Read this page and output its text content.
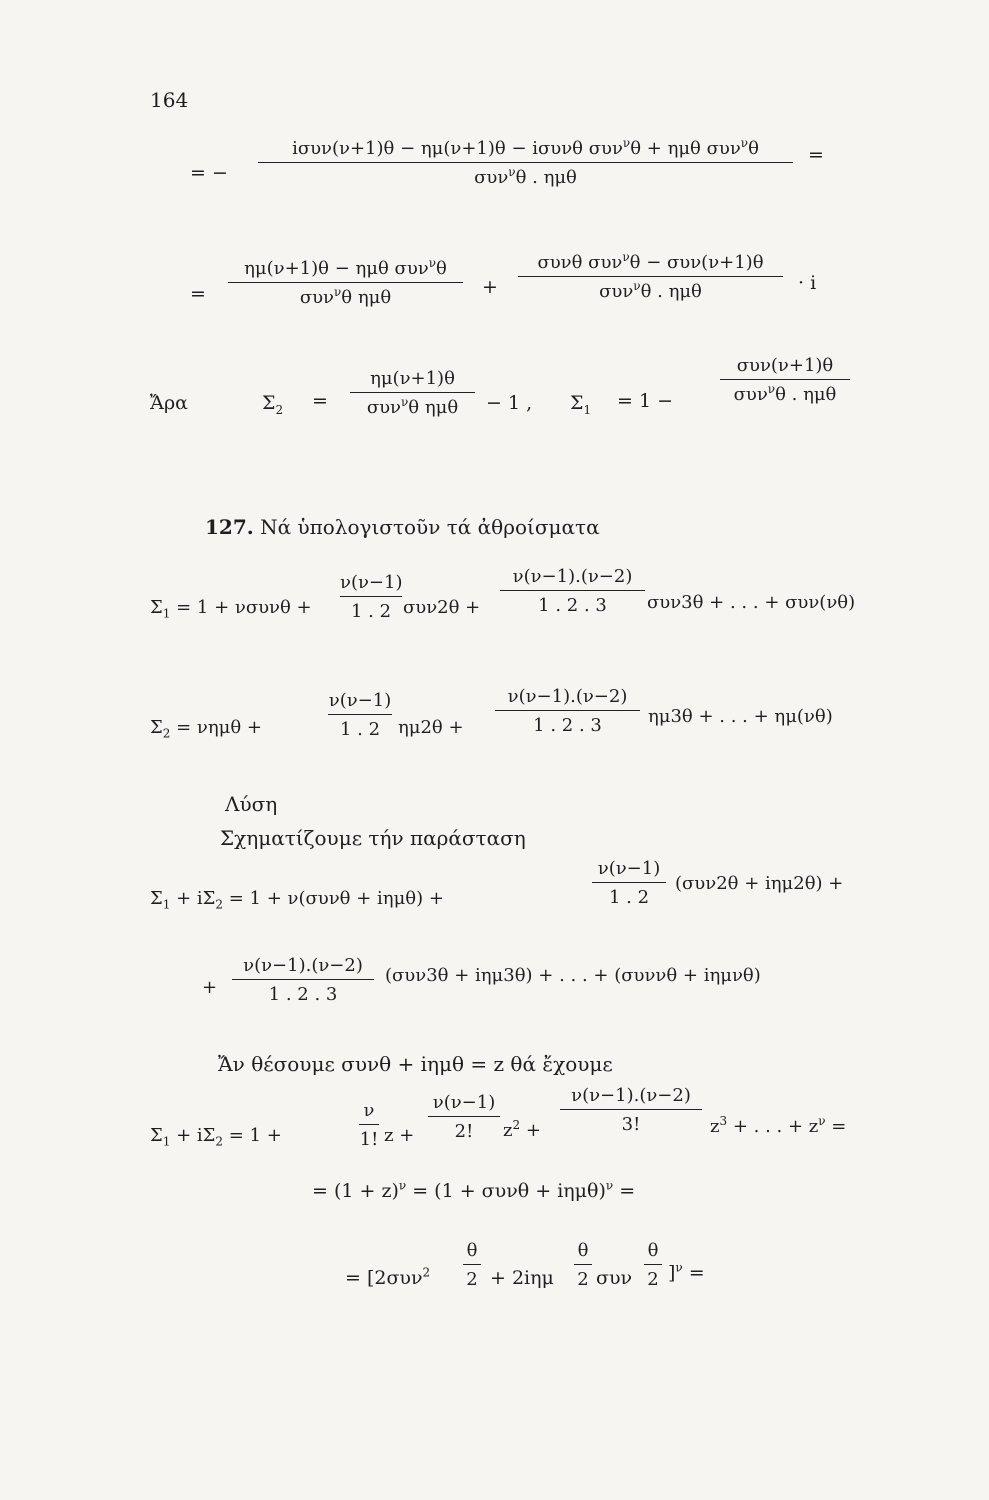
164
= −
iσυν(ν+1)θ − ημ(ν+1)θ − iσυνθ συν$^\nu$θ + ημθ συν$^\nu$θ
συν$^\nu$θ . ημθ
=
=
ημ(ν+1)θ − ημθ συν$^\nu$θ
συν$^\nu$θ ημθ	+
συνθ συν$^\nu$θ − συν(ν+1)θ
συν$^\nu$θ . ημθ	· i
Ἄρα	$\Sigma_2$ =
ημ(ν+1)θ
συν$^\nu$θ ημθ	− 1 , $\Sigma_1 = 1$ −
συν(ν+1)θ
συν$^\nu$θ . ημθ
127. Νά ὑπολογιστοῦν τά ἀθροίσματα
$\Sigma_1 = 1 + \nu\sigma\upsilon\nu\theta$ +
ν(ν−1)
1 . 2 συν2θ +
ν(ν−1).(ν−2)
1 . 2 . 3	συν3θ + . . . + συν(νθ)
$\Sigma_2 = \nu\eta\mu\theta$ +
ν(ν−1)
1 . 2 ημ2θ +
ν(ν−1).(ν−2)
1 . 2 . 3	ημ3θ + . . . + ημ(νθ)
Λύση
Σχηματίζουμε τήν παράσταση
$\Sigma_1 + i\Sigma_2 = 1 + \nu(\sigma\upsilon\nu\theta + i\eta\mu\theta)$ +
ν(ν−1)
1 . 2
(συν2θ + iημ2θ) +
+
ν(ν−1).(ν−2)
1 . 2 . 3
(συν3θ + iημ3θ) + . . . + (συννθ + iημνθ)
Ἄν θέσουμε συνθ + iημθ = z θά ἔχουμε
$\Sigma_1 + i\Sigma_2 = 1$ +
ν
1! z +
ν(ν−1)
2!	$z^2$ +
ν(ν−1).(ν−2)
3!	$z^3$ + . . . + $z^\nu$ =
= $(1 + z)^\nu = (1 + \sigma\upsilon\nu\theta + i\eta\mu\theta)^\nu$ =
= [2συν$^2$
θ
2 + 2iημ
θ
2 συν
θ
2 ]$^\nu$ =
